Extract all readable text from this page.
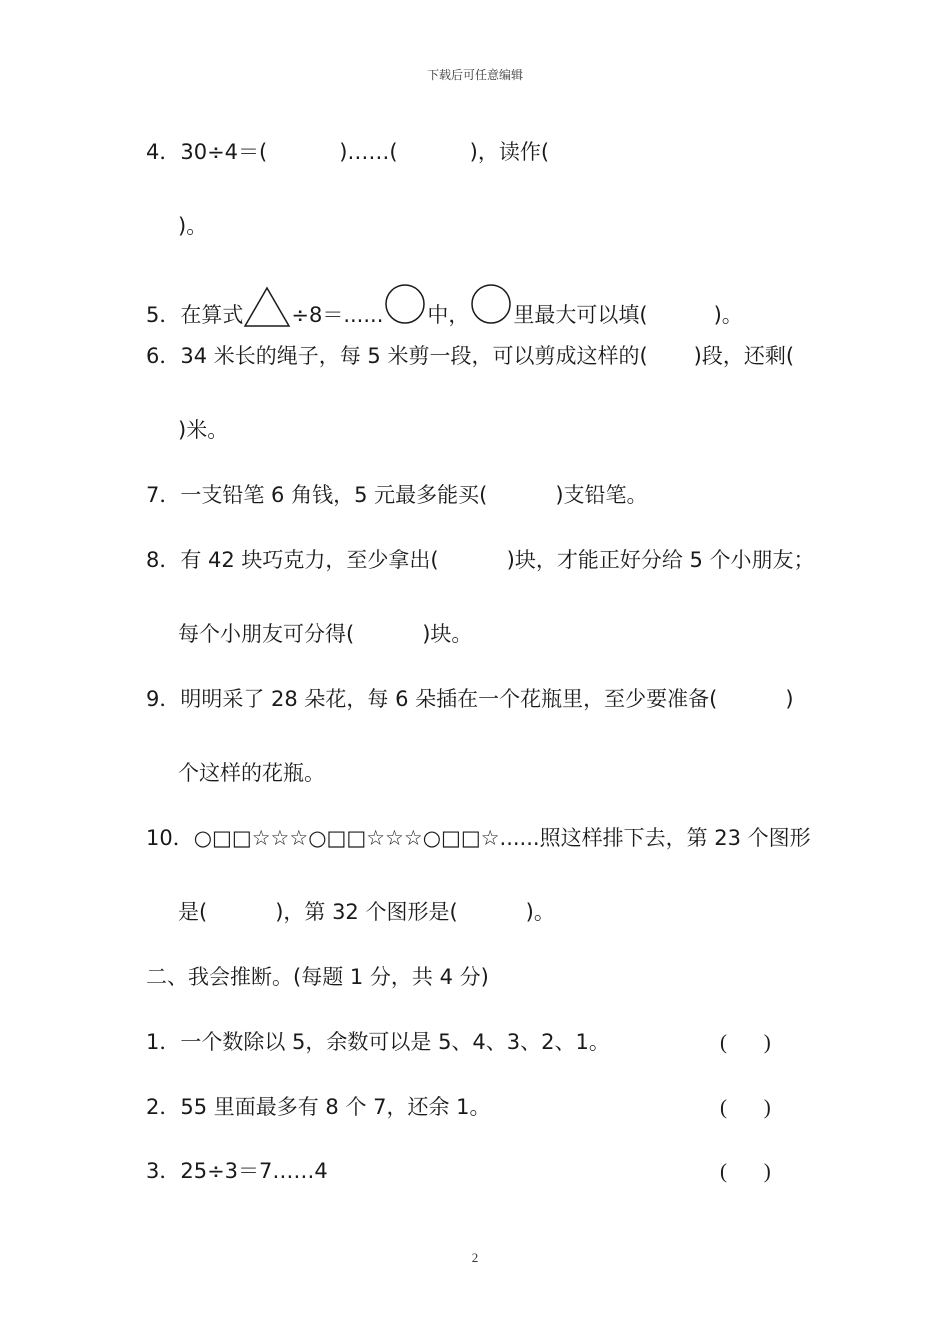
下载后可任意编辑
4．30÷4＝(	)……(	)，读作(
)。
5．在算式 ÷8＝...... 中， 里最大可以填(	)。
6．34 米长的绳子，每 5 米剪一段，可以剪成这样的( )段，还剩(
)米。
7．一支铅笔 6 角钱，5 元最多能买(	)支铅笔。
8．有 42 块巧克力，至少拿出(	)块，才能正好分给 5 个小朋友；
每个小朋友可分得(	)块。
9．明明采了 28 朵花，每 6 朵插在一个花瓶里，至少要准备(	)
个这样的花瓶。
10．○□□☆☆☆○□□☆☆☆○□□☆......照这样排下去，第 23 个图形
是(	)，第 32 个图形是(	)。
二、我会推断。(每题 1 分，共 4 分)
1．一个数除以 5，余数可以是 5、4、3、2、1。	(       )
2．55 里面最多有 8 个 7，还余 1。	(       )
3．25÷3＝7……4	(       )
2
